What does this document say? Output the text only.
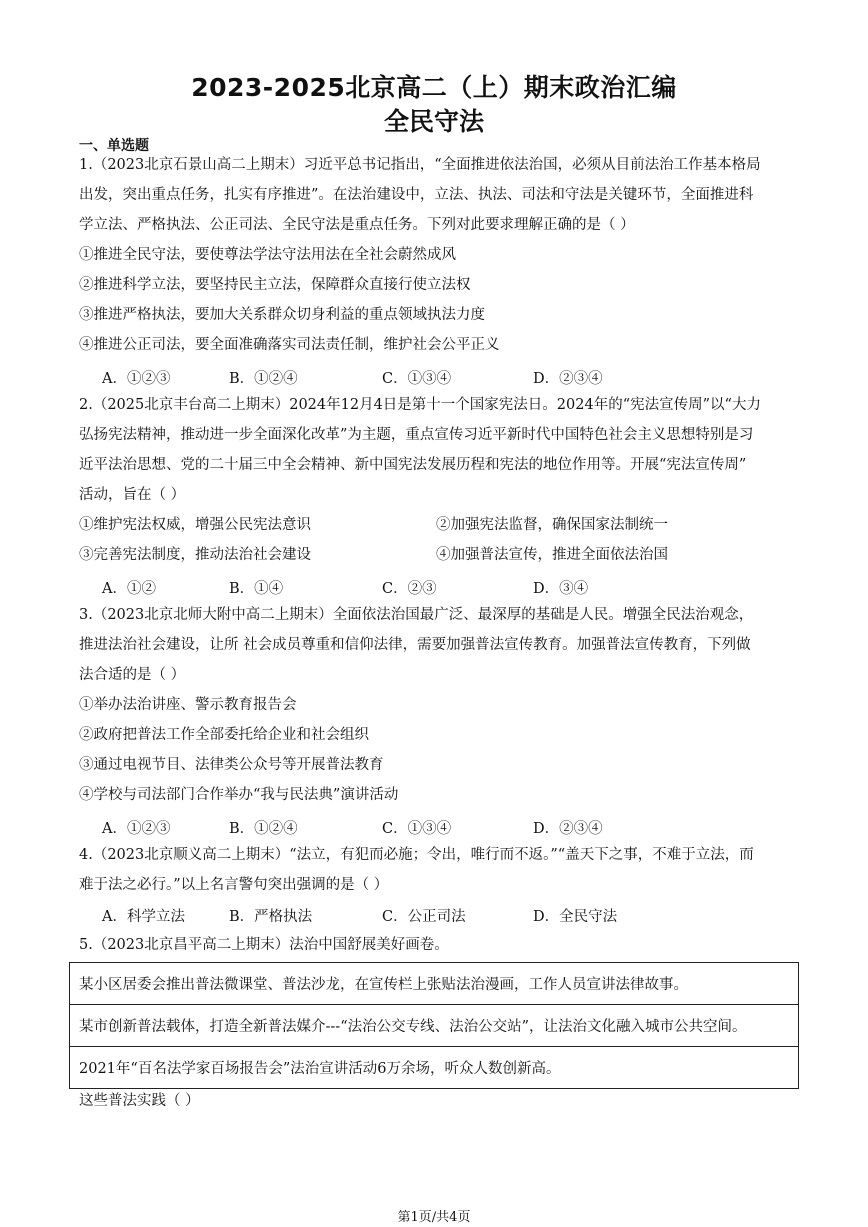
2023-2025北京高二（上）期末政治汇编
全民守法
一、单选题
1.（2023北京石景山高二上期末）习近平总书记指出，“全面推进依法治国，必须从目前法治工作基本格局
出发，突出重点任务，扎实有序推进”。在法治建设中，立法、执法、司法和守法是关键环节，全面推进科
学立法、严格执法、公正司法、全民守法是重点任务。下列对此要求理解正确的是（ ）
①推进全民守法，要使尊法学法守法用法在全社会蔚然成风
②推进科学立法，要坚持民主立法，保障群众直接行使立法权
③推进严格执法，要加大关系群众切身利益的重点领域执法力度
④推进公正司法，要全面准确落实司法责任制，维护社会公平正义
A．①②③	B．①②④	C．①③④	D．②③④
2.（2025北京丰台高二上期末）2024年12月4日是第十一个国家宪法日。2024年的“宪法宣传周”以“大力
弘扬宪法精神，推动进一步全面深化改革”为主题，重点宣传习近平新时代中国特色社会主义思想特别是习
近平法治思想、党的二十届三中全会精神、新中国宪法发展历程和宪法的地位作用等。开展“宪法宣传周”
活动，旨在（ ）
①维护宪法权威，增强公民宪法意识	②加强宪法监督，确保国家法制统一
③完善宪法制度，推动法治社会建设	④加强普法宣传，推进全面依法治国
A．①②	B．①④	C．②③	D．③④
3.（2023北京北师大附中高二上期末）全面依法治国最广泛、最深厚的基础是人民。增强全民法治观念，
推进法治社会建设，让所 社会成员尊重和信仰法律，需要加强普法宣传教育。加强普法宣传教育，下列做
法合适的是（ ）
①举办法治讲座、警示教育报告会
②政府把普法工作全部委托给企业和社会组织
③通过电视节目、法律类公众号等开展普法教育
④学校与司法部门合作举办“我与民法典”演讲活动
A．①②③	B．①②④	C．①③④	D．②③④
4.（2023北京顺义高二上期末）“法立，有犯而必施；令出，唯行而不返。”“盖天下之事，不难于立法，而
难于法之必行。”以上名言警句突出强调的是（ ）
A．科学立法	B．严格执法	C．公正司法	D．全民守法
5.（2023北京昌平高二上期末）法治中国舒展美好画卷。
某小区居委会推出普法微课堂、普法沙龙，在宣传栏上张贴法治漫画，工作人员宣讲法律故事。
某市创新普法载体，打造全新普法媒介---“法治公交专线、法治公交站”，让法治文化融入城市公共空间。
2021年“百名法学家百场报告会”法治宣讲活动6万余场，听众人数创新高。
这些普法实践（ ）
第1页/共4页
